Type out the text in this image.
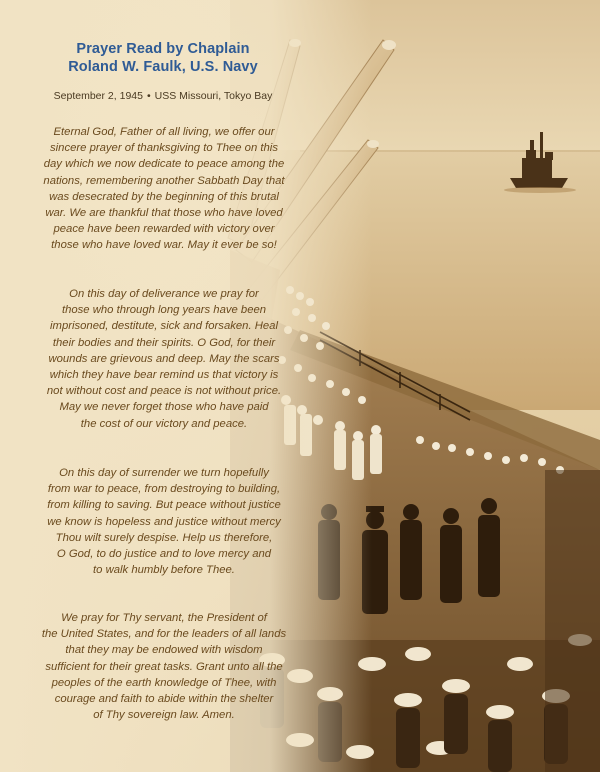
Prayer Read by Chaplain
Roland W. Faulk, U.S. Navy
September 2, 1945 • USS Missouri, Tokyo Bay
Eternal God, Father of all living, we offer our
sincere prayer of thanksgiving to Thee on this
day which we now dedicate to peace among the
nations, remembering another Sabbath Day that
was desecrated by the beginning of this brutal
war. We are thankful that those who have loved
peace have been rewarded with victory over
those who have loved war. May it ever be so!
On this day of deliverance we pray for
those who through long years have been
imprisoned, destitute, sick and forsaken. Heal
their bodies and their spirits. O God, for their
wounds are grievous and deep. May the scars
which they have bear remind us that victory is
not without cost and peace is not without price.
May we never forget those who have paid
the cost of our victory and peace.
On this day of surrender we turn hopefully
from war to peace, from destroying to building,
from killing to saving. But peace without justice
we know is hopeless and justice without mercy
Thou wilt surely despise. Help us therefore,
O God, to do justice and to love mercy and
to walk humbly before Thee.
We pray for Thy servant, the President of
the United States, and for the leaders of all lands
that they may be endowed with wisdom
sufficient for their great tasks. Grant unto all the
peoples of the earth knowledge of Thee, with
courage and faith to abide within the shelter
of Thy sovereign law. Amen.
